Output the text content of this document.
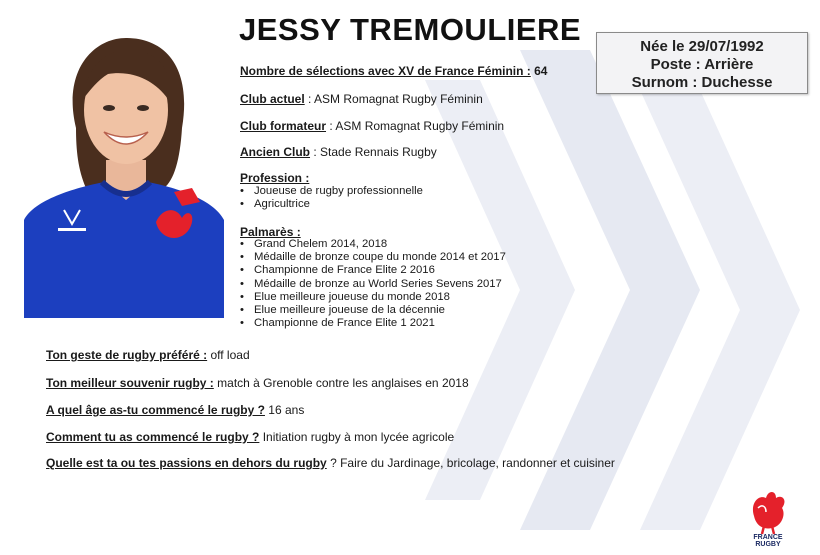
JESSY TREMOULIERE	Née le 29/07/1992
Poste : Arrière
Surnom : Duchesse
Nombre de sélections avec XV de France Féminin : 64
Club actuel : ASM Romagnat Rugby Féminin
Club formateur : ASM Romagnat Rugby Féminin
Ancien Club : Stade Rennais Rugby
Profession :
• Joueuse de rugby professionnelle
• Agricultrice
Palmarès :
• Grand Chelem 2014, 2018
• Médaille de bronze coupe du monde 2014 et 2017
• Championne de France Elite 2 2016
• Médaille de bronze au World Series Sevens 2017
• Elue meilleure joueuse du monde 2018
• Elue meilleure joueuse de la décennie
• Championne de France Elite 1 2021
Ton geste de rugby préféré : off load
Ton meilleur souvenir rugby : match à Grenoble contre les anglaises en 2018
A quel âge as-tu commencé le rugby ? 16 ans
Comment tu as commencé le rugby ? Initiation rugby à mon lycée agricole
Quelle est ta ou tes passions en dehors du rugby ? Faire du Jardinage, bricolage, randonner et cuisiner
FRANCE
RUGBY
